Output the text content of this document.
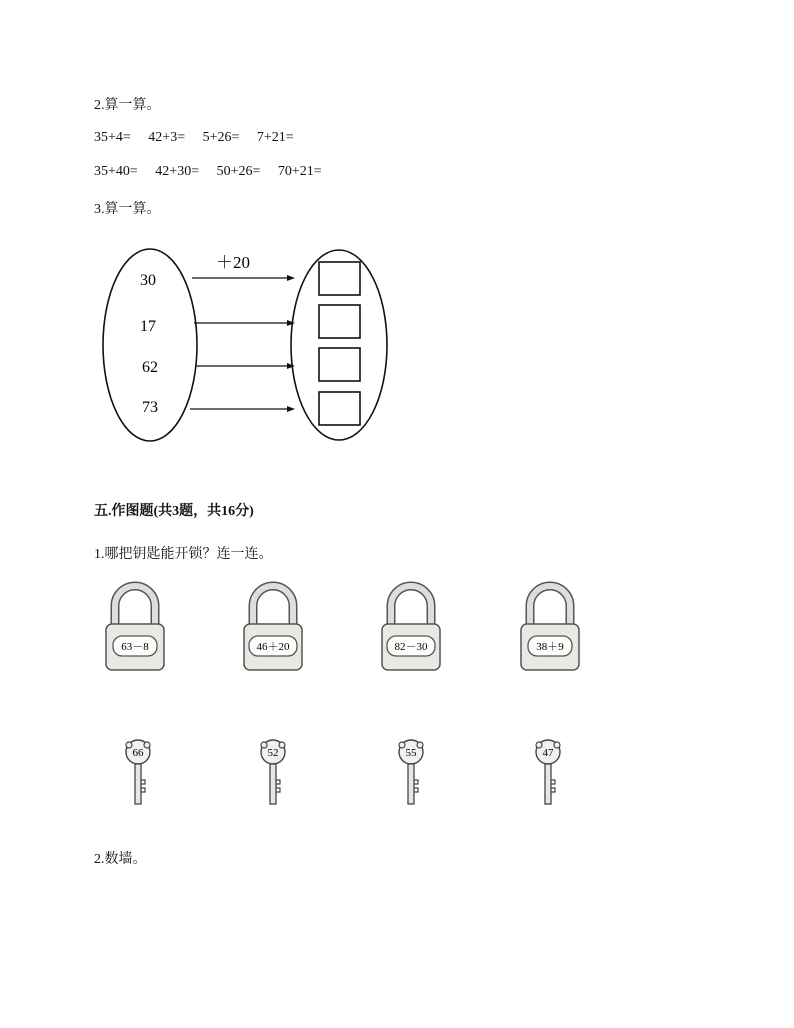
2.算一算。
35+4= 42+3= 5+26= 7+21=
35+40= 42+30= 50+26= 70+21=
3.算一算。
＋20
30
17
62
73
五.作图题(共3题，共16分)
1.哪把钥匙能开锁？连一连。
63－8	46＋20	82－30	38＋9
66	52	55	47
2.数墙。
